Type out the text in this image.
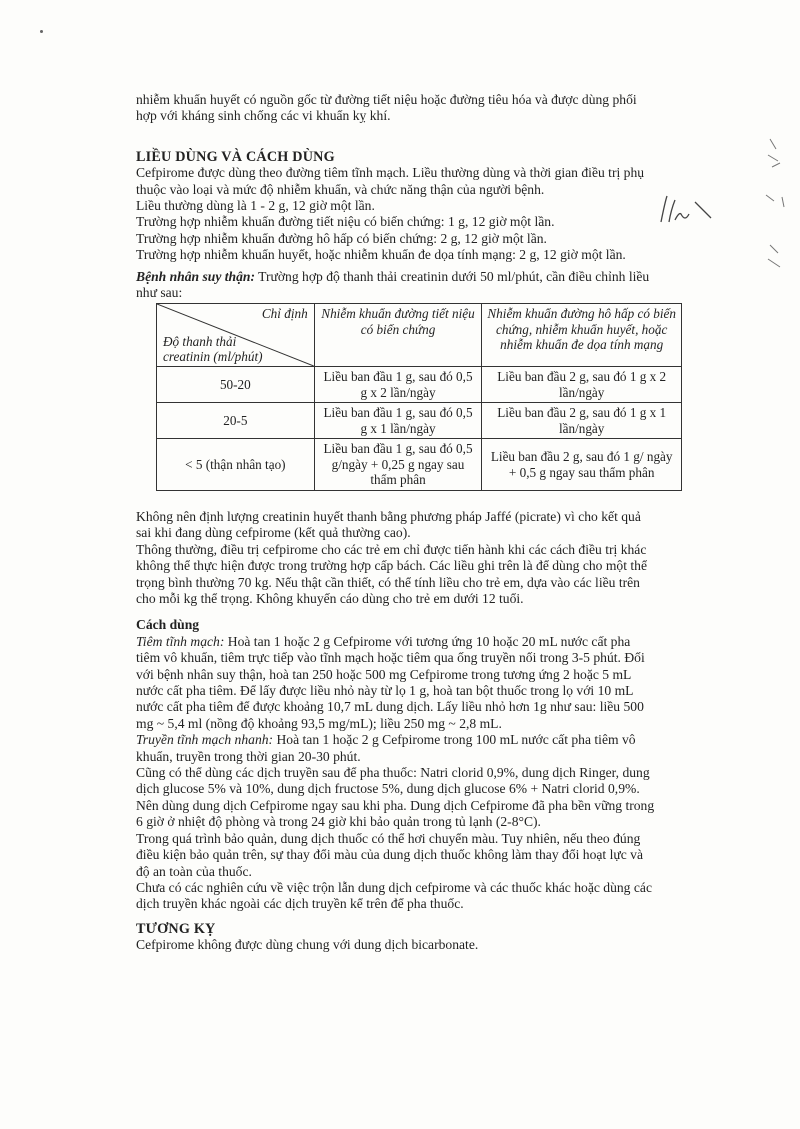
nhiễm khuẩn huyết có nguồn gốc từ đường tiết niệu hoặc đường tiêu hóa và được dùng phối

hợp với kháng sinh chống các vi khuẩn kỵ khí.

LIỀU DÙNG VÀ CÁCH DÙNG

Cefpirome được dùng theo đường tiêm tĩnh mạch. Liều thường dùng và thời gian điều trị phụ

thuộc vào loại và mức độ nhiễm khuẩn, và chức năng thận của người bệnh.

Liều thường dùng là 1 - 2 g, 12 giờ một lần.

Trường hợp nhiễm khuẩn đường tiết niệu có biến chứng: 1 g, 12 giờ một lần.

Trường hợp nhiễm khuẩn đường hô hấp có biến chứng: 2 g, 12 giờ một lần.

Trường hợp nhiễm khuẩn huyết, hoặc nhiễm khuẩn đe dọa tính mạng: 2 g, 12 giờ một lần.

Bệnh nhân suy thận: Trường hợp độ thanh thải creatinin dưới 50 ml/phút, cần điều chỉnh liều

như sau:

Chỉ định
Độ thanh thải
creatinin (ml/phút)	Nhiễm khuẩn đường tiết niệu có biến chứng	Nhiễm khuẩn đường hô hấp có biến chứng, nhiễm khuẩn huyết, hoặc nhiễm khuẩn đe dọa tính mạng
50-20	Liều ban đầu 1 g, sau đó 0,5 g x 2 lần/ngày	Liều ban đầu 2 g, sau đó 1 g x 2 lần/ngày
20-5	Liều ban đầu 1 g, sau đó 0,5 g x 1 lần/ngày	Liều ban đầu 2 g, sau đó 1 g x 1 lần/ngày
< 5 (thận nhân tạo)	Liều ban đầu 1 g, sau đó 0,5 g/ngày + 0,25 g ngay sau thẩm phân	Liều ban đầu 2 g, sau đó 1 g/ ngày + 0,5 g ngay sau thẩm phân

Không nên định lượng creatinin huyết thanh bằng phương pháp Jaffé (picrate) vì cho kết quả

sai khi đang dùng cefpirome (kết quả thường cao).

Thông thường, điều trị cefpirome cho các trẻ em chỉ được tiến hành khi các cách điều trị khác

không thể thực hiện được trong trường hợp cấp bách. Các liều ghi trên là để dùng cho một thể

trọng bình thường 70 kg. Nếu thật cần thiết, có thể tính liều cho trẻ em, dựa vào các liều trên

cho mỗi kg thể trọng. Không khuyến cáo dùng cho trẻ em dưới 12 tuổi.

Cách dùng

Tiêm tĩnh mạch: Hoà tan 1 hoặc 2 g Cefpirome với tương ứng 10 hoặc 20 mL nước cất pha

tiêm vô khuẩn, tiêm trực tiếp vào tĩnh mạch hoặc tiêm qua ống truyền nối trong 3-5 phút. Đối

với bệnh nhân suy thận, hoà tan 250 hoặc 500 mg Cefpirome trong tương ứng 2 hoặc 5 mL

nước cất pha tiêm. Để lấy được liều nhỏ này từ lọ 1 g, hoà tan bột thuốc trong lọ với 10 mL

nước cất pha tiêm để được khoảng 10,7 mL dung dịch. Lấy liều nhỏ hơn 1g như sau: liều 500

mg ~ 5,4 ml (nồng độ khoảng 93,5 mg/mL); liều 250 mg ~ 2,8 mL.

Truyền tĩnh mạch nhanh: Hoà tan 1 hoặc 2 g Cefpirome trong 100 mL nước cất pha tiêm vô

khuẩn, truyền trong thời gian 20-30 phút.

Cũng có thể dùng các dịch truyền sau để pha thuốc: Natri clorid 0,9%, dung dịch Ringer, dung

dịch glucose 5% và 10%, dung dịch fructose 5%, dung dịch glucose 6% + Natri clorid 0,9%.

Nên dùng dung dịch Cefpirome ngay sau khi pha. Dung dịch Cefpirome đã pha bền vững trong

6 giờ ở nhiệt độ phòng và trong 24 giờ khi bảo quản trong tủ lạnh (2-8°C).

Trong quá trình bảo quản, dung dịch thuốc có thể hơi chuyển màu. Tuy nhiên, nếu theo đúng

điều kiện bảo quản trên, sự thay đổi màu của dung dịch thuốc không làm thay đổi hoạt lực và

độ an toàn của thuốc.

Chưa có các nghiên cứu về việc trộn lẫn dung dịch cefpirome và các thuốc khác hoặc dùng các

dịch truyền khác ngoài các dịch truyền kể trên để pha thuốc.

TƯƠNG KỴ

Cefpirome không được dùng chung với dung dịch bicarbonate.
